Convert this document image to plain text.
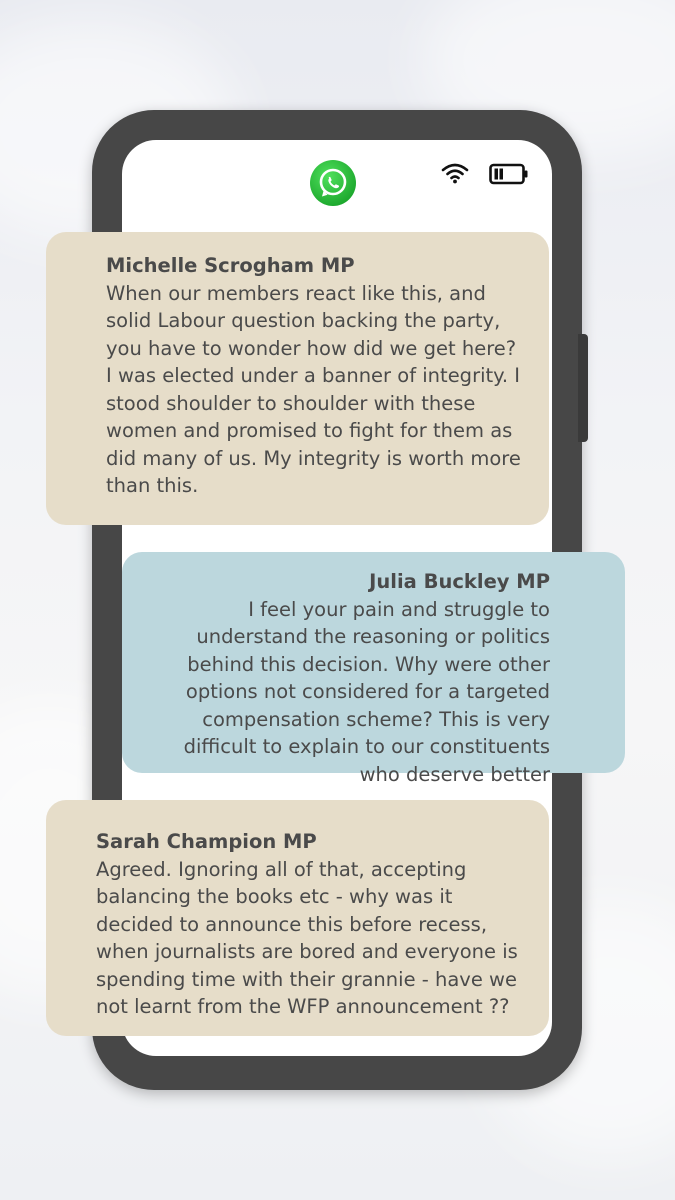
Michelle Scrogham MP
When our members react like this, and solid Labour question backing the party, you have to wonder how did we get here? I was elected under a banner of integrity. I stood shoulder to shoulder with these women and promised to fight for them as did many of us. My integrity is worth more than this.
Julia Buckley MP
I feel your pain and struggle to understand the reasoning or politics behind this decision. Why were other options not considered for a targeted compensation scheme? This is very difficult to explain to our constituents who deserve better
Sarah Champion MP
Agreed. Ignoring all of that, accepting balancing the books etc - why was it decided to announce this before recess, when journalists are bored and everyone is spending time with their grannie - have we not learnt from the WFP announcement ??
